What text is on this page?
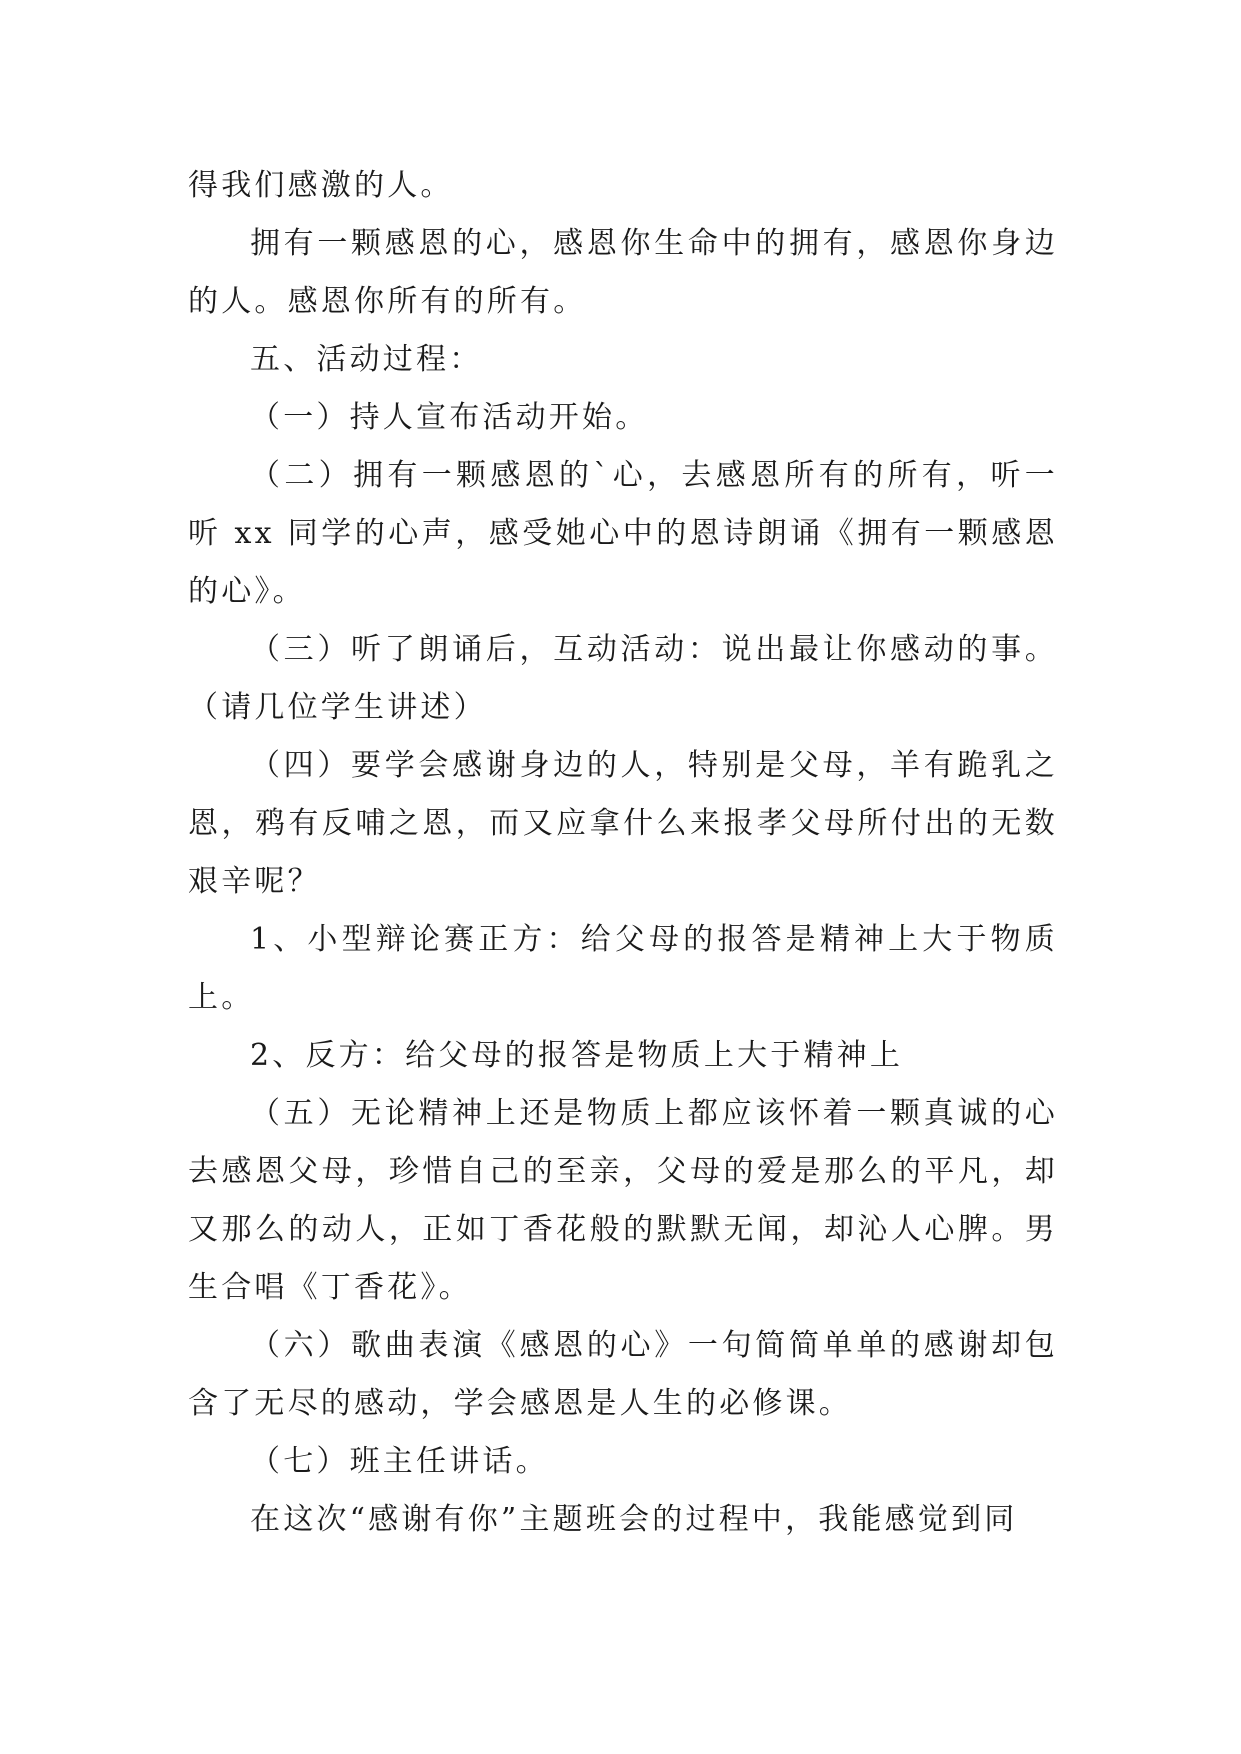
得我们感激的人。

拥有一颗感恩的心，感恩你生命中的拥有，感恩你身边的人。感恩你所有的所有。

五、活动过程：

（一）持人宣布活动开始。

（二）拥有一颗感恩的`心，去感恩所有的所有，听一听 xx 同学的心声，感受她心中的恩诗朗诵《拥有一颗感恩的心》。

（三）听了朗诵后，互动活动：说出最让你感动的事。（请几位学生讲述）

（四）要学会感谢身边的人，特别是父母，羊有跪乳之恩，鸦有反哺之恩，而又应拿什么来报孝父母所付出的无数艰辛呢？

1、小型辩论赛正方：给父母的报答是精神上大于物质上。

2、反方：给父母的报答是物质上大于精神上

（五）无论精神上还是物质上都应该怀着一颗真诚的心去感恩父母，珍惜自己的至亲，父母的爱是那么的平凡，却又那么的动人，正如丁香花般的默默无闻，却沁人心脾。男生合唱《丁香花》。

（六）歌曲表演《感恩的心》一句简简单单的感谢却包含了无尽的感动，学会感恩是人生的必修课。

（七）班主任讲话。

在这次“感谢有你”主题班会的过程中，我能感觉到同
